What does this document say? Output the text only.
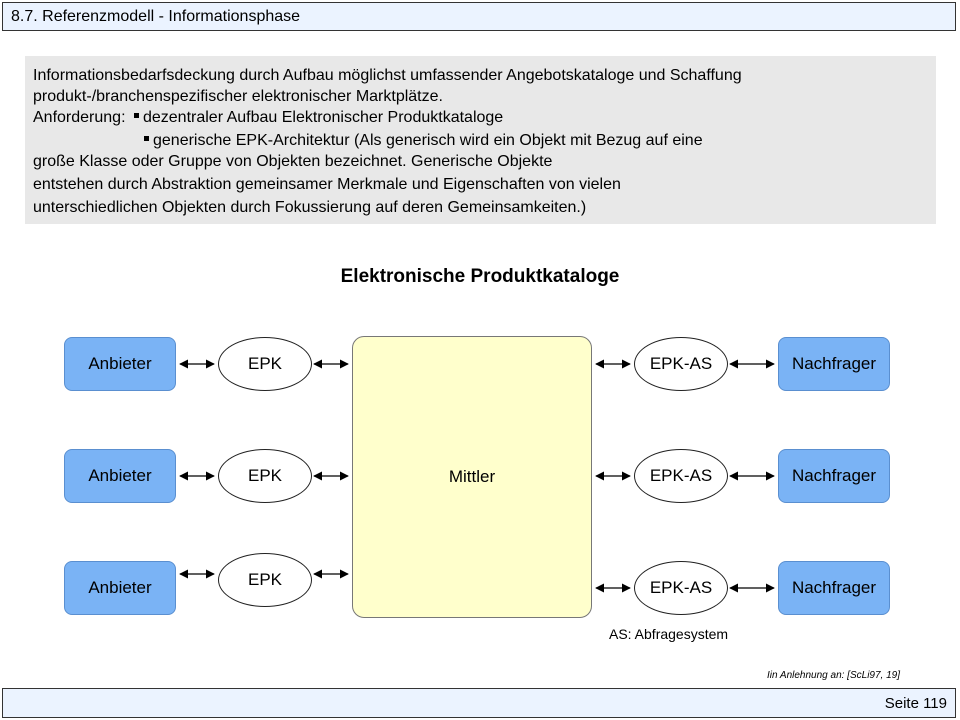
8.7. Referenzmodell - Informationsphase
Informationsbedarfsdeckung durch Aufbau möglichst umfassender Angebotskataloge und Schaffung
produkt-/branchenspezifischer elektronischer Marktplätze.
Anforderung: dezentraler Aufbau Elektronischer Produktkataloge
generische EPK-Architektur (Als generisch wird ein Objekt mit Bezug auf eine
große Klasse oder Gruppe von Objekten bezeichnet. Generische Objekte
entstehen durch Abstraktion gemeinsamer Merkmale und Eigenschaften von vielen
unterschiedlichen Objekten durch Fokussierung auf deren Gemeinsamkeiten.)
Elektronische Produktkataloge
Anbieter	EPK	EPK-AS	Nachfrager
Anbieter	EPK	EPK-AS	Nachfrager
Anbieter	EPK	EPK-AS	Nachfrager
Mittler
AS: Abfragesystem
Iin Anlehnung an: [ScLi97, 19]
Seite 119
